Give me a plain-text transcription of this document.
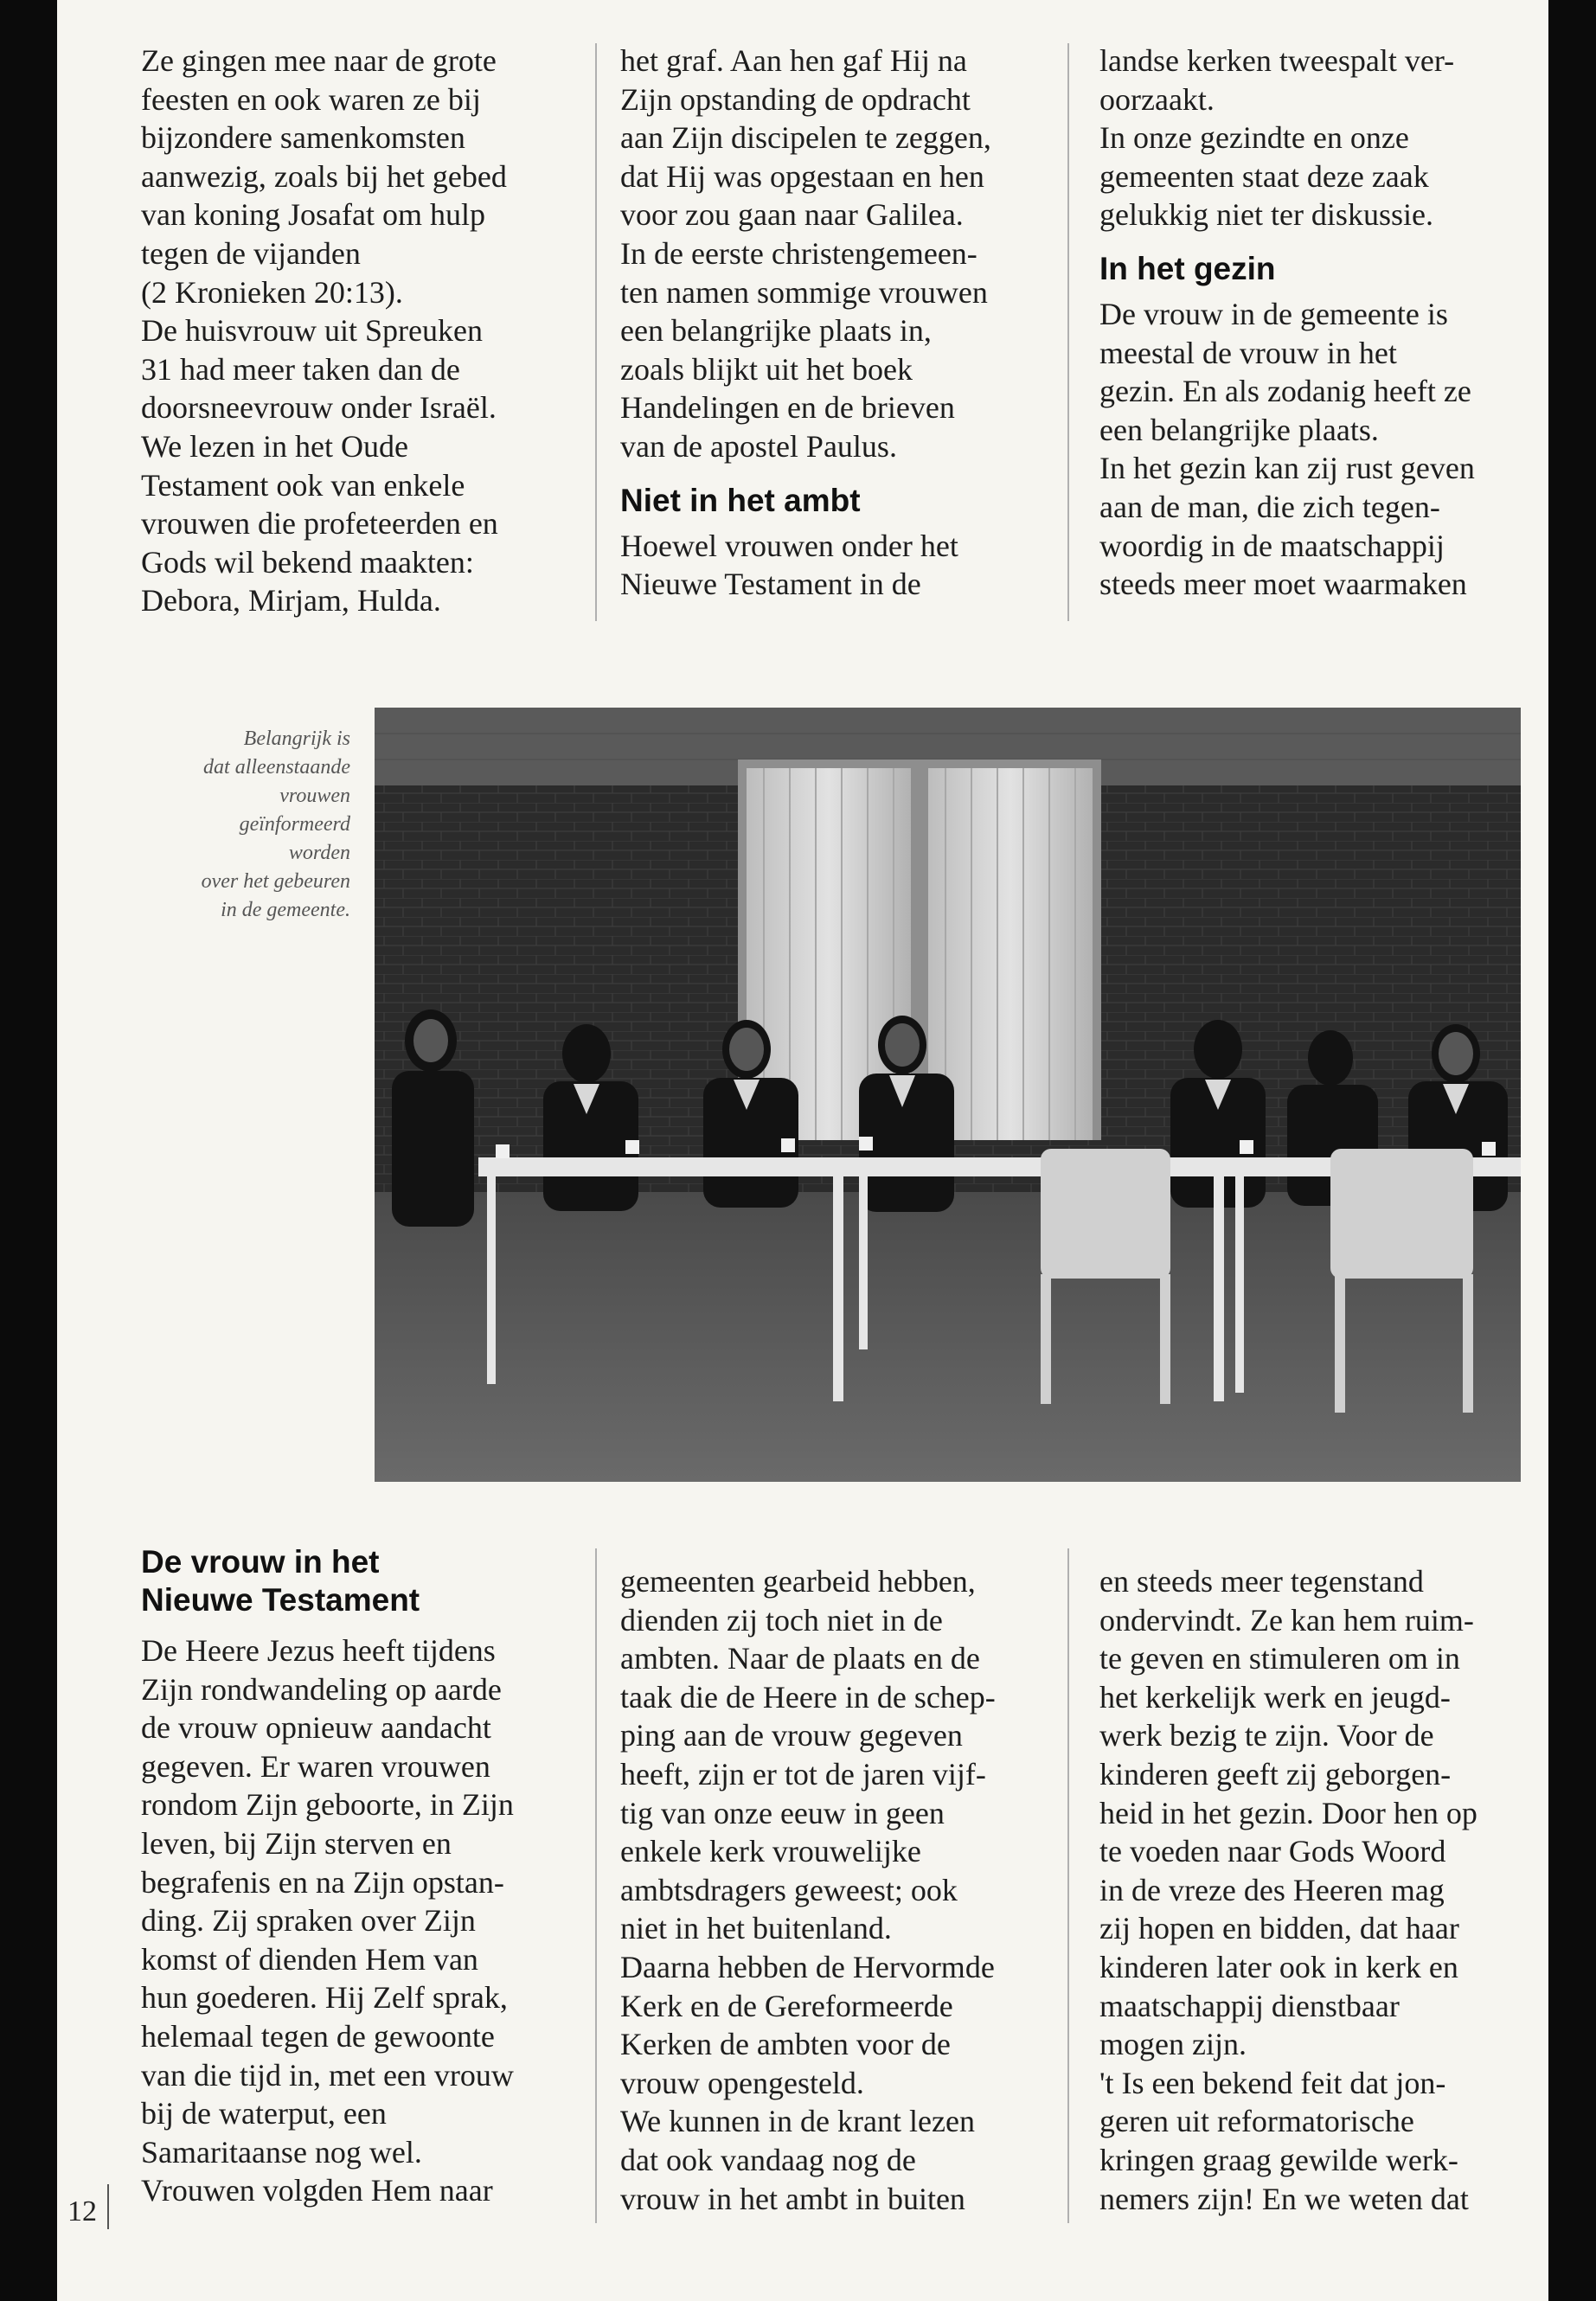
Ze gingen mee naar de grote
feesten en ook waren ze bij
bijzondere samenkomsten
aanwezig, zoals bij het gebed
van koning Josafat om hulp
tegen de vijanden
(2 Kronieken 20:13).
De huisvrouw uit Spreuken
31 had meer taken dan de
doorsneevrouw onder Israël.
We lezen in het Oude
Testament ook van enkele
vrouwen die profeteerden en
Gods wil bekend maakten:
Debora, Mirjam, Hulda.
het graf. Aan hen gaf Hij na
Zijn opstanding de opdracht
aan Zijn discipelen te zeggen,
dat Hij was opgestaan en hen
voor zou gaan naar Galilea.
In de eerste christengemeen-
ten namen sommige vrouwen
een belangrijke plaats in,
zoals blijkt uit het boek
Handelingen en de brieven
van de apostel Paulus.
Niet in het ambt
Hoewel vrouwen onder het
Nieuwe Testament in de
landse kerken tweespalt ver-
oorzaakt.
In onze gezindte en onze
gemeenten staat deze zaak
gelukkig niet ter diskussie.
In het gezin
De vrouw in de gemeente is
meestal de vrouw in het
gezin. En als zodanig heeft ze
een belangrijke plaats.
In het gezin kan zij rust geven
aan de man, die zich tegen-
woordig in de maatschappij
steeds meer moet waarmaken
Belangrijk is
dat alleenstaande
vrouwen
geïnformeerd
worden
over het gebeuren
in de gemeente.
De vrouw in het
Nieuwe Testament
De Heere Jezus heeft tijdens
Zijn rondwandeling op aarde
de vrouw opnieuw aandacht
gegeven. Er waren vrouwen
rondom Zijn geboorte, in Zijn
leven, bij Zijn sterven en
begrafenis en na Zijn opstan-
ding. Zij spraken over Zijn
komst of dienden Hem van
hun goederen. Hij Zelf sprak,
helemaal tegen de gewoonte
van die tijd in, met een vrouw
bij de waterput, een
Samaritaanse nog wel.
Vrouwen volgden Hem naar
gemeenten gearbeid hebben,
dienden zij toch niet in de
ambten. Naar de plaats en de
taak die de Heere in de schep-
ping aan de vrouw gegeven
heeft, zijn er tot de jaren vijf-
tig van onze eeuw in geen
enkele kerk vrouwelijke
ambtsdragers geweest; ook
niet in het buitenland.
Daarna hebben de Hervormde
Kerk en de Gereformeerde
Kerken de ambten voor de
vrouw opengesteld.
We kunnen in de krant lezen
dat ook vandaag nog de
vrouw in het ambt in buiten
en steeds meer tegenstand
ondervindt. Ze kan hem ruim-
te geven en stimuleren om in
het kerkelijk werk en jeugd-
werk bezig te zijn. Voor de
kinderen geeft zij geborgen-
heid in het gezin. Door hen op
te voeden naar Gods Woord
in de vreze des Heeren mag
zij hopen en bidden, dat haar
kinderen later ook in kerk en
maatschappij dienstbaar
mogen zijn.
't Is een bekend feit dat jon-
geren uit reformatorische
kringen graag gewilde werk-
nemers zijn! En we weten dat
12
